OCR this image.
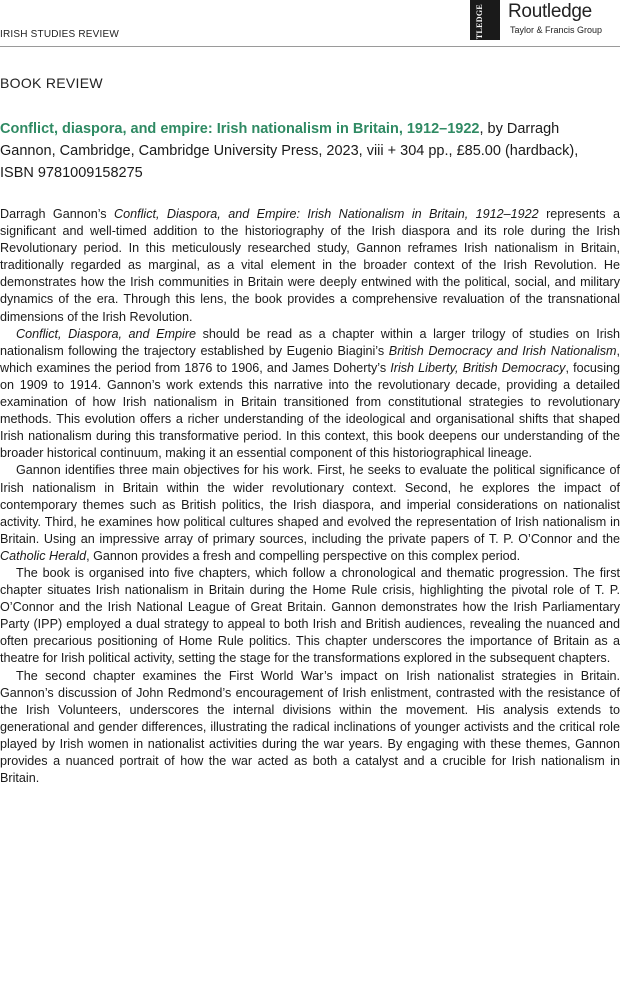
IRISH STUDIES REVIEW	ROUTLEDGE Routledge
Taylor & Francis Group
BOOK REVIEW
Conflict, diaspora, and empire: Irish nationalism in Britain, 1912–1922, by Darragh Gannon, Cambridge, Cambridge University Press, 2023, viii + 304 pp., £85.00 (hardback), ISBN 9781009158275

Darragh Gannon’s Conflict, Diaspora, and Empire: Irish Nationalism in Britain, 1912–1922 represents a significant and well-timed addition to the historiography of the Irish diaspora and its role during the Irish Revolutionary period. In this meticulously researched study, Gannon reframes Irish nationalism in Britain, traditionally regarded as marginal, as a vital element in the broader context of the Irish Revolution. He demonstrates how the Irish communities in Britain were deeply entwined with the political, social, and military dynamics of the era. Through this lens, the book provides a comprehensive revaluation of the transnational dimensions of the Irish Revolution.

Conflict, Diaspora, and Empire should be read as a chapter within a larger trilogy of studies on Irish nationalism following the trajectory established by Eugenio Biagini’s British Democracy and Irish Nationalism, which examines the period from 1876 to 1906, and James Doherty’s Irish Liberty, British Democracy, focusing on 1909 to 1914. Gannon’s work extends this narrative into the revolutionary decade, providing a detailed examination of how Irish nationalism in Britain transitioned from constitutional strategies to revolutionary methods. This evolution offers a richer understanding of the ideological and organisational shifts that shaped Irish nationalism during this transformative period. In this context, this book deepens our understanding of the broader historical continuum, making it an essential component of this historiographical lineage.

Gannon identifies three main objectives for his work. First, he seeks to evaluate the political significance of Irish nationalism in Britain within the wider revolutionary context. Second, he explores the impact of contemporary themes such as British politics, the Irish diaspora, and imperial considerations on nationalist activity. Third, he examines how political cultures shaped and evolved the representation of Irish nationalism in Britain. Using an impressive array of primary sources, including the private papers of T. P. O’Connor and the Catholic Herald, Gannon provides a fresh and compelling perspective on this complex period.

The book is organised into five chapters, which follow a chronological and thematic progression. The first chapter situates Irish nationalism in Britain during the Home Rule crisis, highlighting the pivotal role of T. P. O’Connor and the Irish National League of Great Britain. Gannon demonstrates how the Irish Parliamentary Party (IPP) employed a dual strategy to appeal to both Irish and British audiences, revealing the nuanced and often precarious positioning of Home Rule politics. This chapter underscores the importance of Britain as a theatre for Irish political activity, setting the stage for the transformations explored in the subsequent chapters.

The second chapter examines the First World War’s impact on Irish nationalist strategies in Britain. Gannon’s discussion of John Redmond’s encouragement of Irish enlistment, contrasted with the resistance of the Irish Volunteers, underscores the internal divisions within the movement. His analysis extends to generational and gender differences, illustrating the radical inclinations of younger activists and the critical role played by Irish women in nationalist activities during the war years. By engaging with these themes, Gannon provides a nuanced portrait of how the war acted as both a catalyst and a crucible for Irish nationalism in Britain.
